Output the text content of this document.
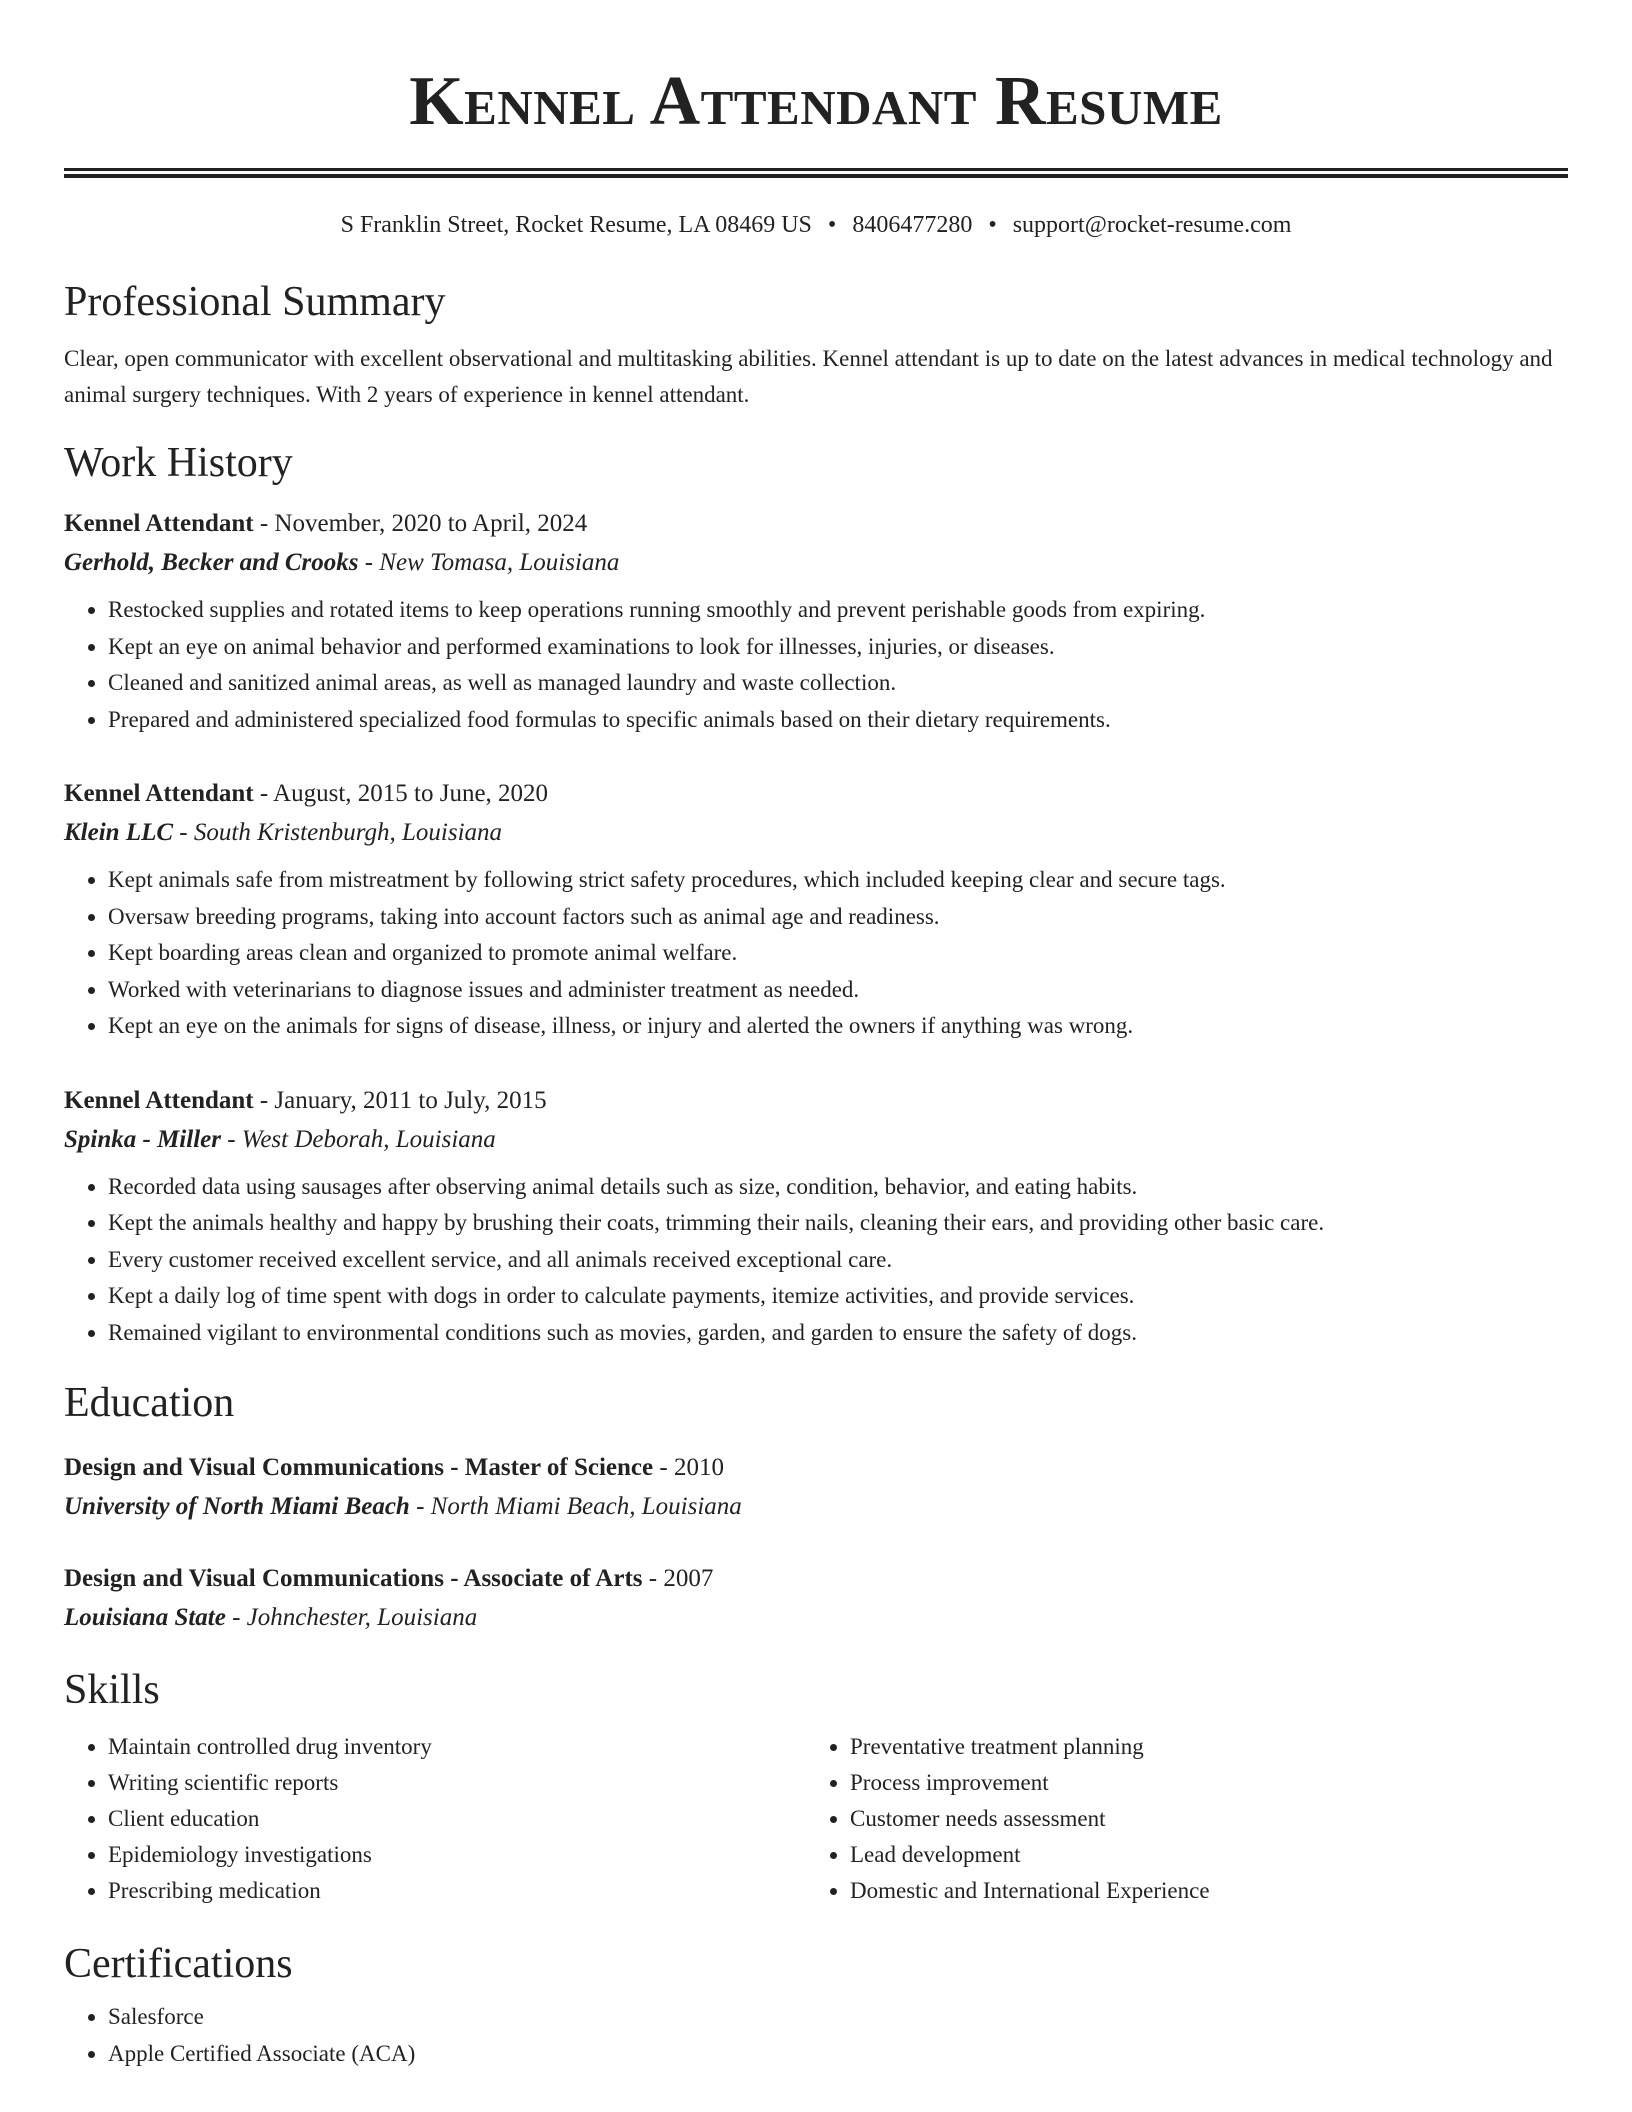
Kennel Attendant Resume
S Franklin Street, Rocket Resume, LA 08469 US • 8406477280 • support@rocket-resume.com
Professional Summary

Clear, open communicator with excellent observational and multitasking abilities. Kennel attendant is up to date on the latest advances in medical technology and animal surgery techniques. With 2 years of experience in kennel attendant.

Work History
Kennel Attendant - November, 2020 to April, 2024
Gerhold, Becker and Crooks - New Tomasa, Louisiana
• Restocked supplies and rotated items to keep operations running smoothly and prevent perishable goods from expiring.
• Kept an eye on animal behavior and performed examinations to look for illnesses, injuries, or diseases.
• Cleaned and sanitized animal areas, as well as managed laundry and waste collection.
• Prepared and administered specialized food formulas to specific animals based on their dietary requirements.
Kennel Attendant - August, 2015 to June, 2020
Klein LLC - South Kristenburgh, Louisiana
• Kept animals safe from mistreatment by following strict safety procedures, which included keeping clear and secure tags.
• Oversaw breeding programs, taking into account factors such as animal age and readiness.
• Kept boarding areas clean and organized to promote animal welfare.
• Worked with veterinarians to diagnose issues and administer treatment as needed.
• Kept an eye on the animals for signs of disease, illness, or injury and alerted the owners if anything was wrong.
Kennel Attendant - January, 2011 to July, 2015
Spinka - Miller - West Deborah, Louisiana
• Recorded data using sausages after observing animal details such as size, condition, behavior, and eating habits.
• Kept the animals healthy and happy by brushing their coats, trimming their nails, cleaning their ears, and providing other basic care.
• Every customer received excellent service, and all animals received exceptional care.
• Kept a daily log of time spent with dogs in order to calculate payments, itemize activities, and provide services.
• Remained vigilant to environmental conditions such as movies, garden, and garden to ensure the safety of dogs.
Education
Design and Visual Communications - Master of Science - 2010
University of North Miami Beach - North Miami Beach, Louisiana
Design and Visual Communications - Associate of Arts - 2007
Louisiana State - Johnchester, Louisiana
Skills
• Maintain controlled drug inventory
• Writing scientific reports
• Client education
• Epidemiology investigations
• Prescribing medication
• Preventative treatment planning
• Process improvement
• Customer needs assessment
• Lead development
• Domestic and International Experience
Certifications
• Salesforce
• Apple Certified Associate (ACA)
